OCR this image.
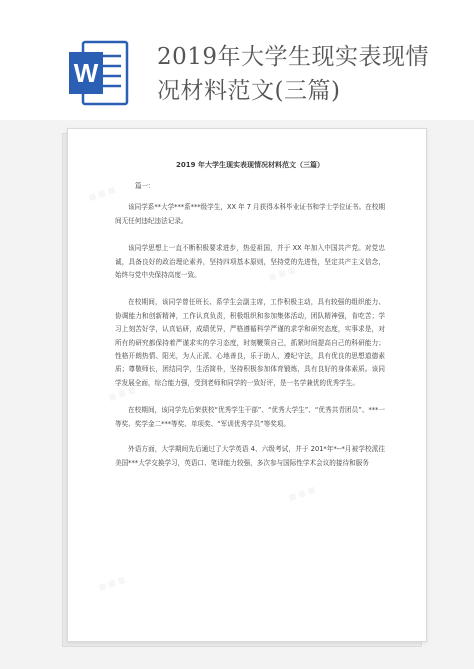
W
2019年大学生现实表现情
况材料范文(三篇)
▦ ▦ ▦
▦ ▦ ▦
▦ ▦ ▦
▦ ▦ ▦
▦ ▦ ▦
2019 年大学生现实表现情况材料范文（三篇）
篇一：

该同学系**大学***系***级学生，XX 年 7 月获得本科毕业证书和学士学位证书。在校期间无任何违纪违法记录。

该同学思想上一直不断积极要求进步，热爱祖国，并于 XX 年加入中国共产党。对党忠诚，具备良好的政治理论素养，坚持四项基本原则，坚持党的先进性，坚定共产主义信念，始终与党中央保持高度一致。

在校期间，该同学曾任班长、系学生会副主席，工作积极主动，具有较强的组织能力、协调能力和创新精神，工作认真负责，积极组织和参加集体活动，团队精神强，肯吃苦；学习上刻苦好学，认真钻研，成绩优异，严格遵循科学严谨的求学和研究态度，实事求是，对所有的研究都保持着严谨求实的学习态度，时刻鞭策自己，抓紧时间提高自己的科研能力；性格开朗热情、阳光，为人正派、心地善良，乐于助人，遵纪守法，具有优良的思想道德素质；尊敬师长，团结同学，生活简朴，坚持积极参加体育锻炼，具有良好的身体素质。该同学发展全面，综合能力强，受到老师和同学的一致好评，是一名学兼优的优秀学生。

在校期间，该同学先后荣获校“优秀学生干部”、“优秀大学生”、“优秀共青团员”、***一等奖、奖学金二***等奖、单项奖、“军训优秀学员”等奖项。

外语方面，大学期间先后通过了大学英语 4、六级考试，并于 201*年*--*月被学校派往美国***大学交换学习，英语口、笔译能力较强，多次参与国际性学术会议的接待和服务
